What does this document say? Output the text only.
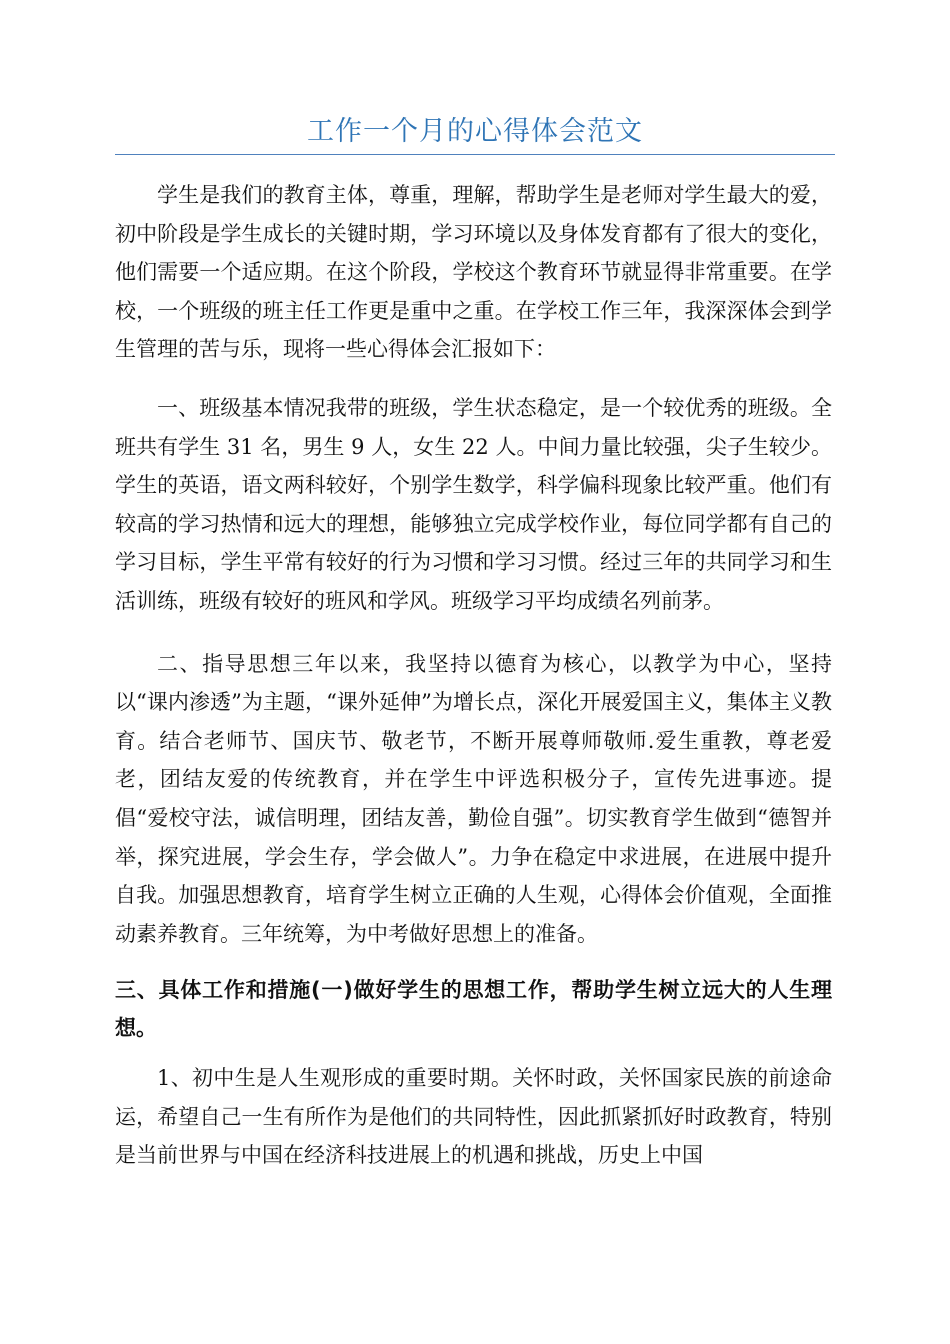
工作一个月的心得体会范文

学生是我们的教育主体，尊重，理解，帮助学生是老师对学生最大的爱，初中阶段是学生成长的关键时期，学习环境以及身体发育都有了很大的变化，他们需要一个适应期。在这个阶段，学校这个教育环节就显得非常重要。在学校，一个班级的班主任工作更是重中之重。在学校工作三年，我深深体会到学生管理的苦与乐，现将一些心得体会汇报如下：

一、班级基本情况我带的班级，学生状态稳定，是一个较优秀的班级。全班共有学生 31 名，男生 9 人，女生 22 人。中间力量比较强，尖子生较少。学生的英语，语文两科较好，个别学生数学，科学偏科现象比较严重。他们有较高的学习热情和远大的理想，能够独立完成学校作业，每位同学都有自己的学习目标，学生平常有较好的行为习惯和学习习惯。经过三年的共同学习和生活训练，班级有较好的班风和学风。班级学习平均成绩名列前茅。

二、指导思想三年以来，我坚持以德育为核心，以教学为中心，坚持以“课内渗透”为主题，“课外延伸”为增长点，深化开展爱国主义，集体主义教育。结合老师节、国庆节、敬老节，不断开展尊师敬师.爱生重教，尊老爱老，团结友爱的传统教育，并在学生中评选积极分子，宣传先进事迹。提倡“爱校守法，诚信明理，团结友善，勤俭自强”。切实教育学生做到“德智并举，探究进展，学会生存，学会做人”。力争在稳定中求进展，在进展中提升自我。加强思想教育，培育学生树立正确的人生观，心得体会价值观，全面推动素养教育。三年统筹，为中考做好思想上的准备。

三、具体工作和措施(一)做好学生的思想工作，帮助学生树立远大的人生理想。

1、初中生是人生观形成的重要时期。关怀时政，关怀国家民族的前途命运，希望自己一生有所作为是他们的共同特性，因此抓紧抓好时政教育，特别是当前世界与中国在经济科技进展上的机遇和挑战，历史上中国
